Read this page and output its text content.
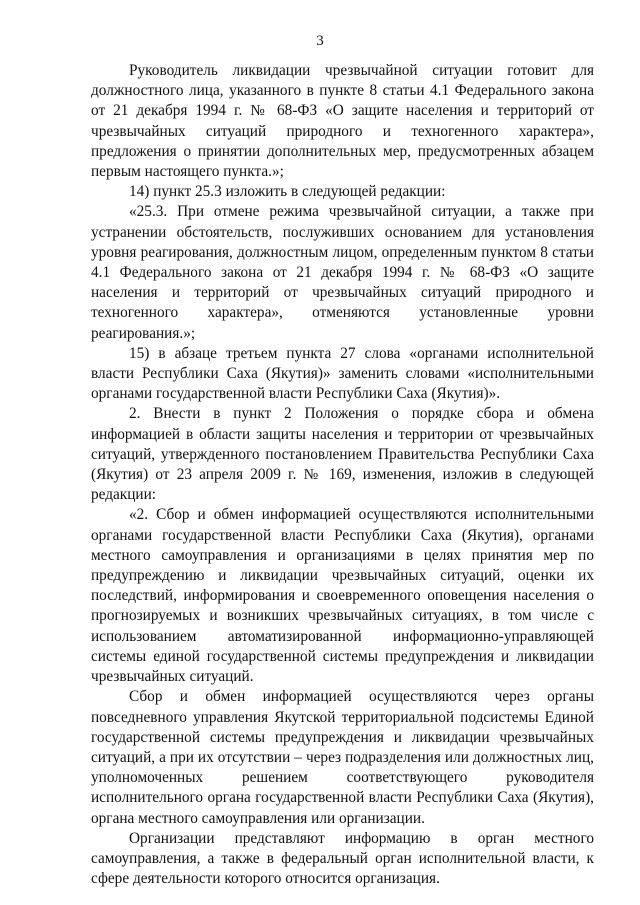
3

Руководитель ликвидации чрезвычайной ситуации готовит для должностного лица, указанного в пункте 8 статьи 4.1 Федерального закона от 21 декабря 1994 г. № 68-ФЗ «О защите населения и территорий от чрезвычайных ситуаций природного и техногенного характера», предложения о принятии дополнительных мер, предусмотренных абзацем первым настоящего пункта.»;

14) пункт 25.3 изложить в следующей редакции:

«25.3. При отмене режима чрезвычайной ситуации, а также при устранении обстоятельств, послуживших основанием для установления уровня реагирования, должностным лицом, определенным пунктом 8 статьи 4.1 Федерального закона от 21 декабря 1994 г. № 68-ФЗ «О защите населения и территорий от чрезвычайных ситуаций природного и техногенного характера», отменяются установленные уровни реагирования.»;

15) в абзаце третьем пункта 27 слова «органами исполнительной власти Республики Саха (Якутия)» заменить словами «исполнительными органами государственной власти Республики Саха (Якутия)».

2. Внести в пункт 2 Положения о порядке сбора и обмена информацией в области защиты населения и территории от чрезвычайных ситуаций, утвержденного постановлением Правительства Республики Саха (Якутия) от 23 апреля 2009 г. № 169, изменения, изложив в следующей редакции:

«2. Сбор и обмен информацией осуществляются исполнительными органами государственной власти Республики Саха (Якутия), органами местного самоуправления и организациями в целях принятия мер по предупреждению и ликвидации чрезвычайных ситуаций, оценки их последствий, информирования и своевременного оповещения населения о прогнозируемых и возникших чрезвычайных ситуациях, в том числе с использованием автоматизированной информационно-управляющей системы единой государственной системы предупреждения и ликвидации чрезвычайных ситуаций.

Сбор и обмен информацией осуществляются через органы повседневного управления Якутской территориальной подсистемы Единой государственной системы предупреждения и ликвидации чрезвычайных ситуаций, а при их отсутствии – через подразделения или должностных лиц, уполномоченных решением соответствующего руководителя исполнительного органа государственной власти Республики Саха (Якутия), органа местного самоуправления или организации.

Организации представляют информацию в орган местного самоуправления, а также в федеральный орган исполнительной власти, к сфере деятельности которого относится организация.
